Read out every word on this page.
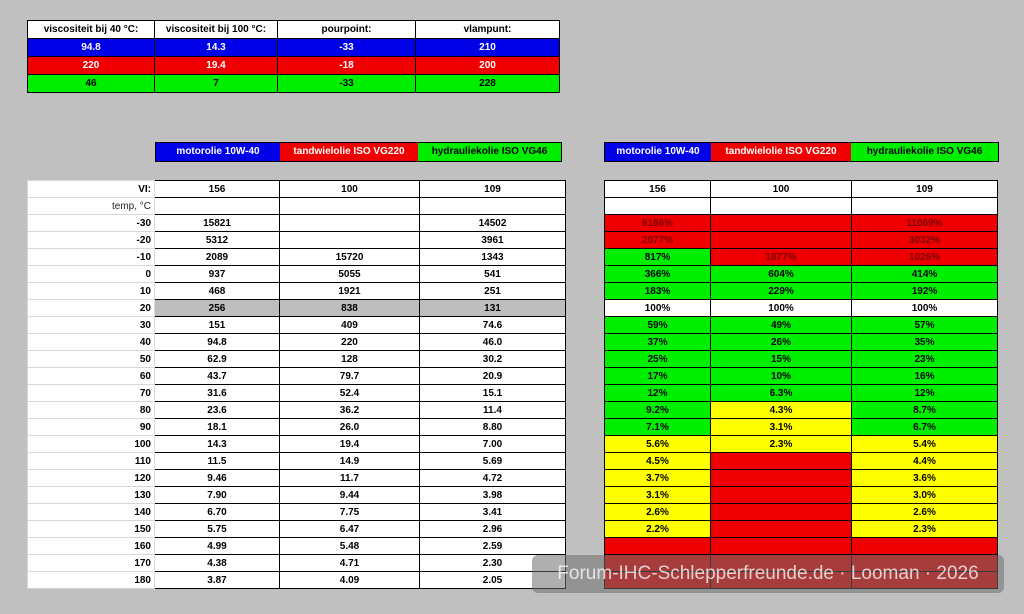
viscositeit bij 40 °C:	viscositeit bij 100 °C:	pourpoint:	vlampunt:
94.8	14.3	-33	210
220	19.4	-18	200
46	7	-33	228
motorolie 10W-40	tandwielolie ISO VG220	hydrauliekolie ISO VG46	motorolie 10W-40	tandwielolie ISO VG220	hydrauliekolie ISO VG46
VI:	156	100	109
temp, °C			
-30	15821		14502
-20	5312		3961
-10	2089	15720	1343
0	937	5055	541
10	468	1921	251
20	256	838	131
30	151	409	74.6
40	94.8	220	46.0
50	62.9	128	30.2
60	43.7	79.7	20.9
70	31.6	52.4	15.1
80	23.6	36.2	11.4
90	18.1	26.0	8.80
100	14.3	19.4	7.00
110	11.5	14.9	5.69
120	9.46	11.7	4.72
130	7.90	9.44	3.98
140	6.70	7.75	3.41
150	5.75	6.47	2.96
160	4.99	5.48	2.59
170	4.38	4.71	2.30
180	3.87	4.09	2.05
156	100	109

6186%		11069%
2077%		3032%
817%	1877%	1026%
366%	604%	414%
183%	229%	192%
100%	100%	100%
59%	49%	57%
37%	26%	35%
25%	15%	23%
17%	10%	16%
12%	6.3%	12%
9.2%	4.3%	8.7%
7.1%	3.1%	6.7%
5.6%	2.3%	5.4%
4.5%		4.4%
3.7%		3.6%
3.1%		3.0%
2.6%		2.6%
2.2%		2.3%

Forum-IHC-Schlepperfreunde.de · Looman · 2026
